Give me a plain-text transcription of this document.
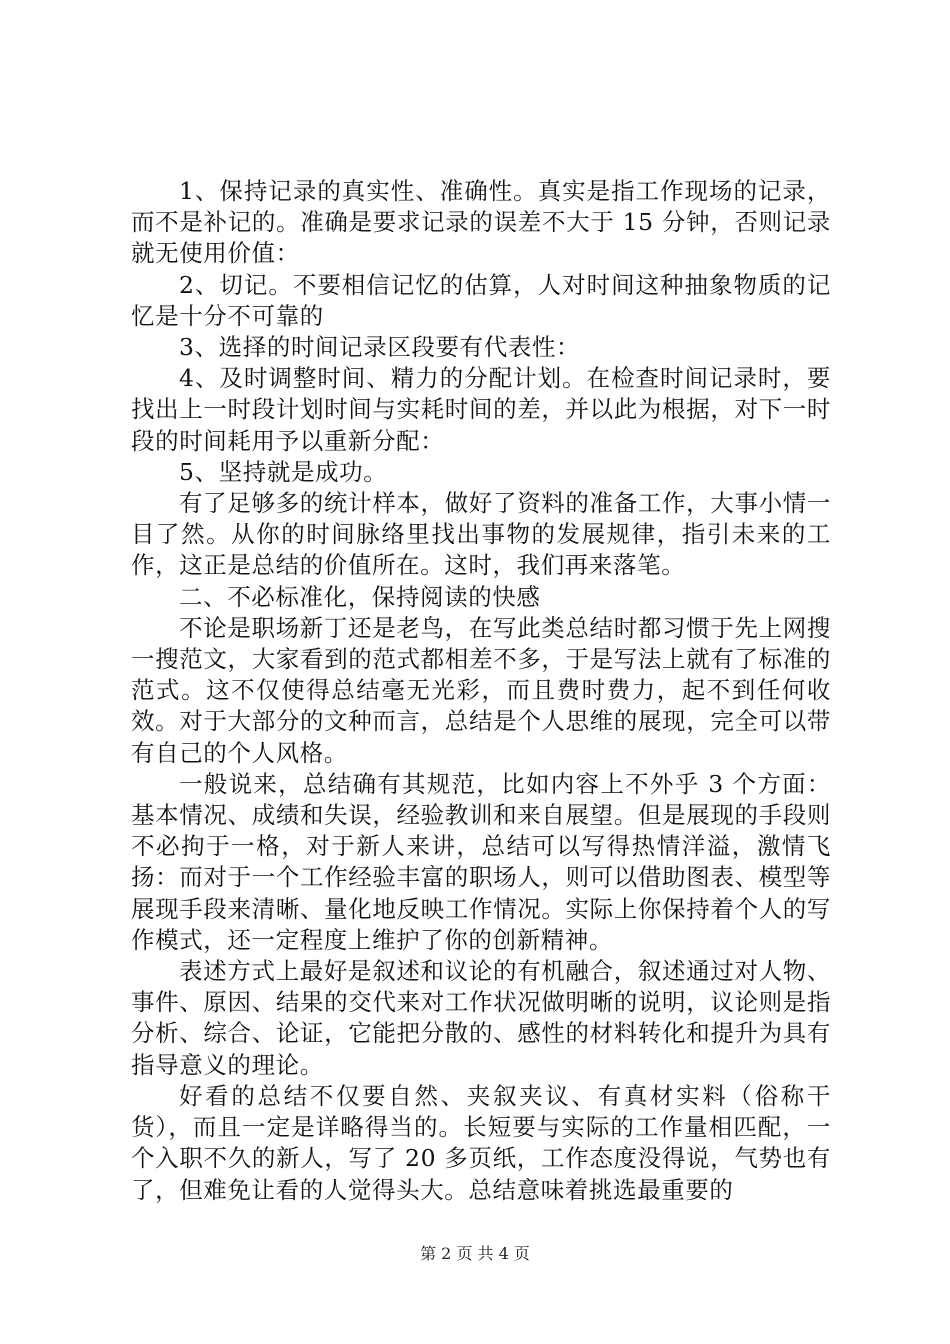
1、保持记录的真实性、准确性。真实是指工作现场的记录，而不是补记的。准确是要求记录的误差不大于 15 分钟，否则记录就无使用价值：

2、切记。不要相信记忆的估算，人对时间这种抽象物质的记忆是十分不可靠的

3、选择的时间记录区段要有代表性：

4、及时调整时间、精力的分配计划。在检查时间记录时，要找出上一时段计划时间与实耗时间的差，并以此为根据，对下一时段的时间耗用予以重新分配：

5、坚持就是成功。

有了足够多的统计样本，做好了资料的准备工作，大事小情一目了然。从你的时间脉络里找出事物的发展规律，指引未来的工作，这正是总结的价值所在。这时，我们再来落笔。

二、不必标准化，保持阅读的快感

不论是职场新丁还是老鸟，在写此类总结时都习惯于先上网搜一搜范文，大家看到的范式都相差不多，于是写法上就有了标准的范式。这不仅使得总结毫无光彩，而且费时费力，起不到任何收效。对于大部分的文种而言，总结是个人思维的展现，完全可以带有自己的个人风格。

一般说来，总结确有其规范，比如内容上不外乎 3 个方面：基本情况、成绩和失误，经验教训和来自展望。但是展现的手段则不必拘于一格，对于新人来讲，总结可以写得热情洋溢，激情飞扬：而对于一个工作经验丰富的职场人，则可以借助图表、模型等展现手段来清晰、量化地反映工作情况。实际上你保持着个人的写作模式，还一定程度上维护了你的创新精神。

表述方式上最好是叙述和议论的有机融合，叙述通过对人物、事件、原因、结果的交代来对工作状况做明晰的说明，议论则是指分析、综合、论证，它能把分散的、感性的材料转化和提升为具有指导意义的理论。

好看的总结不仅要自然、夹叙夹议、有真材实料（俗称干货），而且一定是详略得当的。长短要与实际的工作量相匹配，一个入职不久的新人，写了 20 多页纸，工作态度没得说，气势也有了，但难免让看的人觉得头大。总结意味着挑选最重要的

第 2 页 共 4 页
